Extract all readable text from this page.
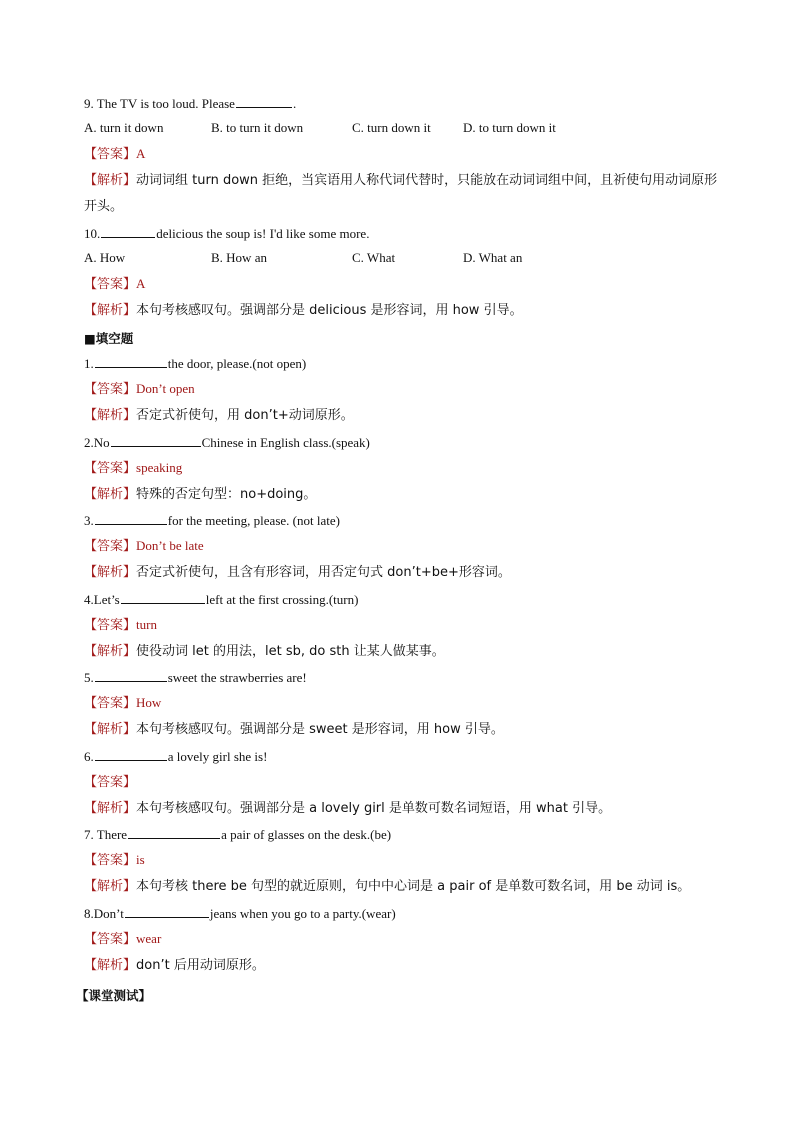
9. The TV is too loud. Please	.
A. turn it down	B. to turn it down	C. turn down it D. to turn down it
【答案】A
【解析】动词词组 turn down 拒绝，当宾语用人称代词代替时，只能放在动词词组中间，且祈使句用动词原形开头。
10.	delicious the soup is! I'd like some more.
A. How	B. How an	C. What	D. What an
【答案】A
【解析】本句考核感叹句。强调部分是 delicious 是形容词，用 how 引导。
■填空题
1.	the door, please.(not open)
【答案】Don’t open
【解析】否定式祈使句，用 don’t+动词原形。
2.No	Chinese in English class.(speak)
【答案】speaking
【解析】特殊的否定句型：no+doing。
3.	for the meeting, please. (not late)
【答案】Don’t be late
【解析】否定式祈使句，且含有形容词，用否定句式 don’t+be+形容词。
4.Let’s	left at the first crossing.(turn)
【答案】turn
【解析】使役动词 let 的用法，let sb, do sth 让某人做某事。
5.	sweet the strawberries are!
【答案】How
【解析】本句考核感叹句。强调部分是 sweet 是形容词，用 how 引导。
6.	a lovely girl she is!
【答案】
【解析】本句考核感叹句。强调部分是 a lovely girl 是单数可数名词短语，用 what 引导。
7. There	a pair of glasses on the desk.(be)
【答案】is
【解析】本句考核 there be 句型的就近原则，句中中心词是 a pair of 是单数可数名词，用 be 动词 is。
8.Don’t	jeans when you go to a party.(wear)
【答案】wear
【解析】don’t 后用动词原形。
【课堂测试】
